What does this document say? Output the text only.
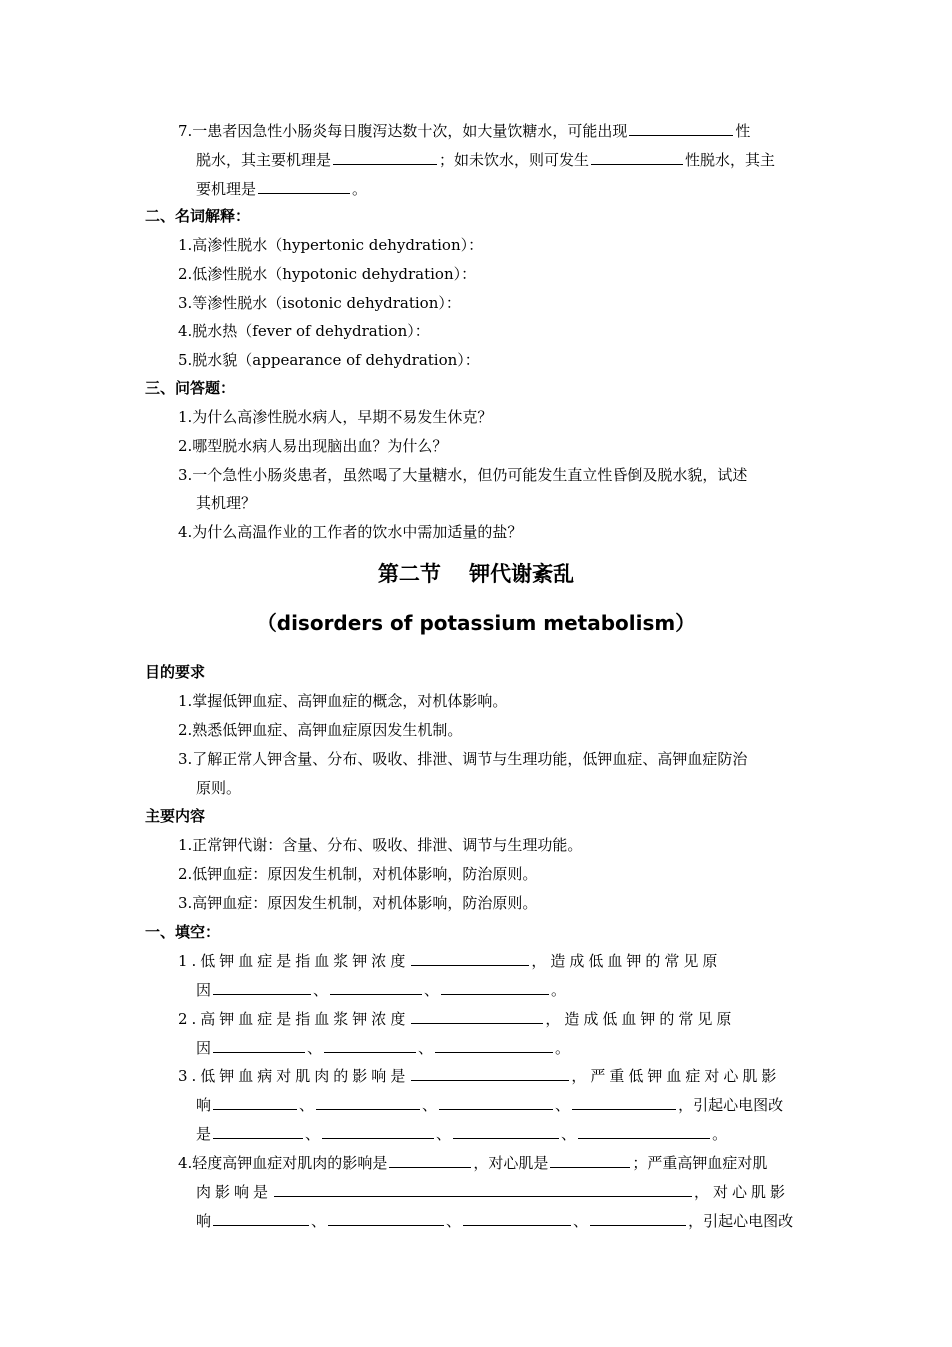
7.一患者因急性小肠炎每日腹泻达数十次，如大量饮糖水，可能出现	性
脱水，其主要机理是	；如未饮水，则可发生	性脱水，其主
要机理是	。
二、名词解释：
1.高渗性脱水（hypertonic dehydration）：
2.低渗性脱水（hypotonic dehydration）：
3.等渗性脱水（isotonic dehydration）：
4.脱水热（fever of dehydration）：
5.脱水貌（appearance of dehydration）：
三、问答题：
1.为什么高渗性脱水病人，早期不易发生休克？
2.哪型脱水病人易出现脑出血？为什么？
3.一个急性小肠炎患者，虽然喝了大量糖水，但仍可能发生直立性昏倒及脱水貌，试述
其机理？
4.为什么高温作业的工作者的饮水中需加适量的盐？
第二节　 钾代谢紊乱
（disorders of potassium metabolism）
目的要求
1.掌握低钾血症、高钾血症的概念，对机体影响。
2.熟悉低钾血症、高钾血症原因发生机制。
3.了解正常人钾含量、分布、吸收、排泄、调节与生理功能，低钾血症、高钾血症防治
原则。
主要内容
1.正常钾代谢：含量、分布、吸收、排泄、调节与生理功能。
2.低钾血症：原因发生机制，对机体影响，防治原则。
3.高钾血症：原因发生机制，对机体影响，防治原则。
一、填空：
1.低钾血症是指血浆钾浓度	，造成低血钾的常见原
因	、	、	。
2.高钾血症是指血浆钾浓度	，造成低血钾的常见原
因	、	、	。
3.低钾血病对肌肉的影响是	，严重低钾血症对心肌影
响	、	、	、	，引起心电图改
是	、	、	、	。
4.轻度高钾血症对肌肉的影响是	，对心肌是	；严重高钾血症对肌
肉影响是	，对心肌影
响	、	、	、	，引起心电图改
